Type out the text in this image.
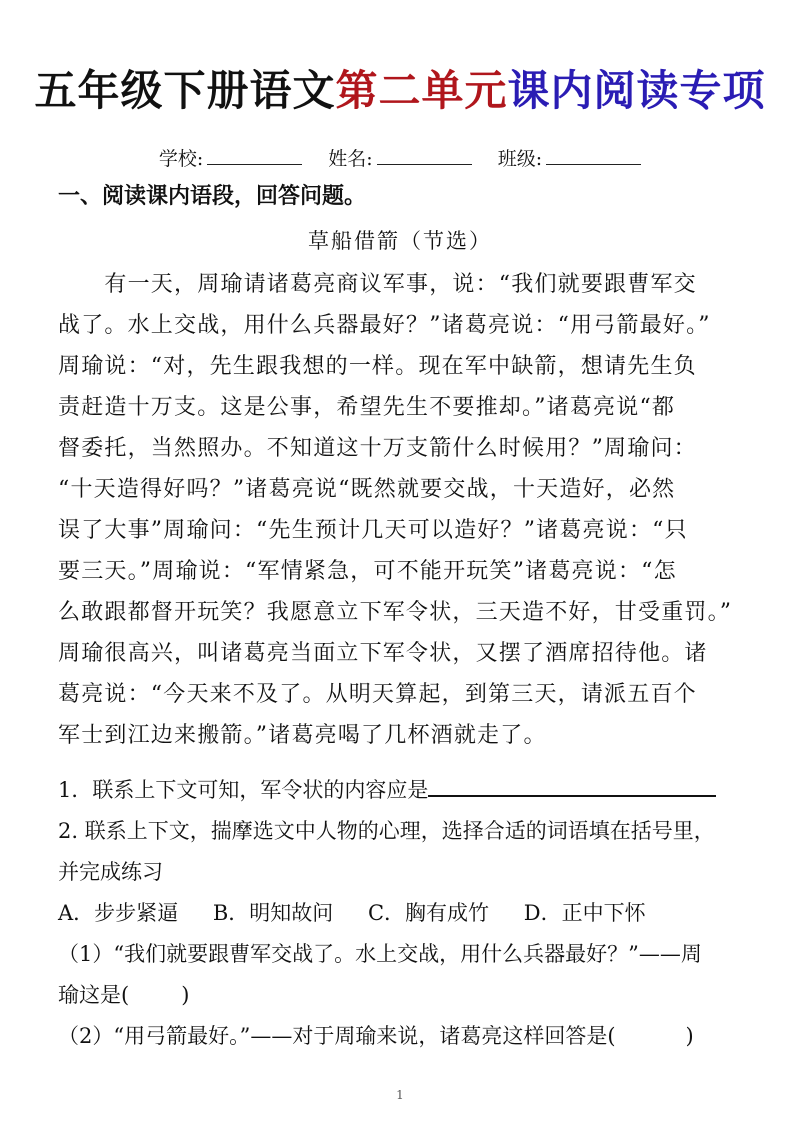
五年级下册语文第二单元课内阅读专项
学校:	姓名:	班级:
一、阅读课内语段，回答问题。
草船借箭（节选）
　　有一天，周瑜请诸葛亮商议军事，说：“我们就要跟曹军交
战了。水上交战，用什么兵器最好？”诸葛亮说：“用弓箭最好。”
周瑜说：“对，先生跟我想的一样。现在军中缺箭，想请先生负
责赶造十万支。这是公事，希望先生不要推却。”诸葛亮说“都
督委托，当然照办。不知道这十万支箭什么时候用？”周瑜问：
“十天造得好吗？”诸葛亮说“既然就要交战，十天造好，必然
误了大事”周瑜问：“先生预计几天可以造好？”诸葛亮说：“只
要三天。”周瑜说：“军情紧急，可不能开玩笑”诸葛亮说：“怎
么敢跟都督开玩笑？我愿意立下军令状，三天造不好，甘受重罚。”
周瑜很高兴，叫诸葛亮当面立下军令状，又摆了酒席招待他。诸
葛亮说：“今天来不及了。从明天算起，到第三天，请派五百个
军士到江边来搬箭。”诸葛亮喝了几杯酒就走了。
1．联系上下文可知，军令状的内容应是
2. 联系上下文，揣摩选文中人物的心理，选择合适的词语填在括号里，
并完成练习
A．步步紧逼 B．明知故问 C．胸有成竹 D．正中下怀
（1）“我们就要跟曹军交战了。水上交战，用什么兵器最好？”——周
瑜这是( )
（2）“用弓箭最好。”——对于周瑜来说，诸葛亮这样回答是(	)
1
